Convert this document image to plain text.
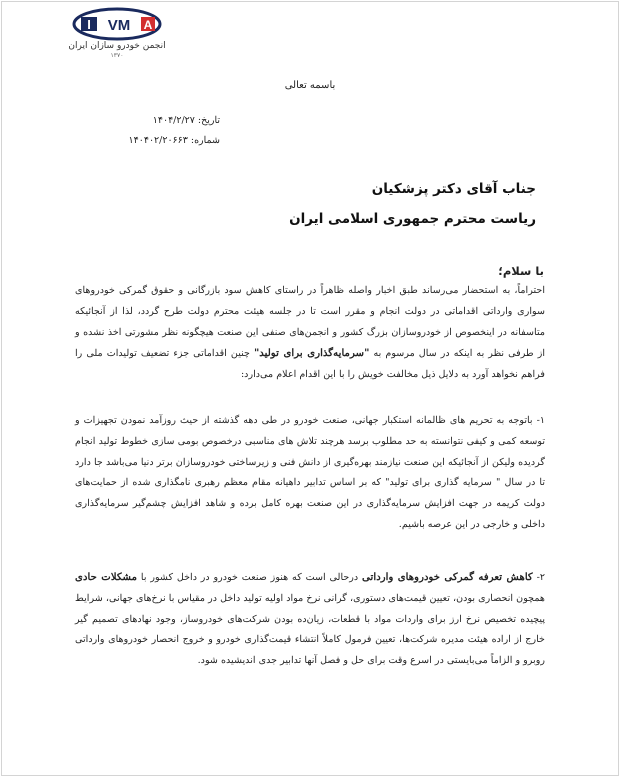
I VM A
انجمن خودرو سازان ایران
۱۳۷۰
باسمه تعالی
تاریخ:۱۴۰۴/۲/۲۷
شماره:۱۴۰۴۰۲/۲۰۶۶۳
جناب آقای دکتر پزشکیان
ریاست محترم جمهوری اسلامی ایران
با سلام؛
احتراماً، به استحضار می‌رساند طبق اخبار واصله ظاهراً در راستای کاهش سود بازرگانی و حقوق گمرکی خودروهای سواری وارداتی اقداماتی در دولت انجام و مقرر است تا در جلسه هیئت محترم دولت طرح گردد، لذا از آنجائیکه متاسفانه در اینخصوص از خودروسازان بزرگ کشور و انجمن‌های صنفی این صنعت هیچگونه نظر مشورتی اخذ نشده و از طرفی نظر به اینکه در سال مرسوم به "سرمایه‌گذاری برای تولید" چنین اقداماتی جزء تضعیف تولیدات ملی را فراهم نخواهد آورد به دلایل ذیل مخالفت خویش را با این اقدام اعلام می‌دارد:
۱- باتوجه به تحریم های ظالمانه استکبار جهانی، صنعت خودرو در طی دهه گذشته از حیث روزآمد نمودن تجهیزات و توسعه کمی و کیفی نتوانسته به حد مطلوب برسد هرچند تلاش های مناسبی درخصوص بومی سازی خطوط تولید انجام گردیده ولیکن از آنجائیکه این صنعت نیازمند بهره‌گیری از دانش فنی و زیرساختی خودروسازان برتر دنیا می‌باشد جا دارد تا در سال " سرمایه گذاری برای تولید" که بر اساس تدابیر داهیانه مقام معظم رهبری نامگذاری شده از حمایت‌های دولت کریمه در جهت افزایش سرمایه‌گذاری در این صنعت بهره کامل برده و شاهد افزایش چشم‌گیر سرمایه‌گذاری داخلی و خارجی در این عرصه باشیم.
۲- کاهش تعرفه گمرکی خودروهای وارداتی درحالی است که هنوز صنعت خودرو در داخل کشور با مشکلات حادی همچون انحصاری بودن، تعیین قیمت‌های دستوری، گرانی نرخ مواد اولیه تولید داخل در مقیاس با نرخ‌های جهانی، شرایط پیچیده تخصیص نرخ ارز برای واردات مواد با قطعات، زیان‌ده بودن شرکت‌های خودروساز، وجود نهادهای تصمیم گیر خارج از اراده هیئت مدیره شرکت‌ها، تعیین فرمول کاملاً انتشاء قیمت‌گذاری خودرو و خروج انحصار خودروهای وارداتی روبرو و الزاماً می‌بایستی در اسرع وقت برای حل و فصل آنها تدابیر جدی اندیشیده شود.
